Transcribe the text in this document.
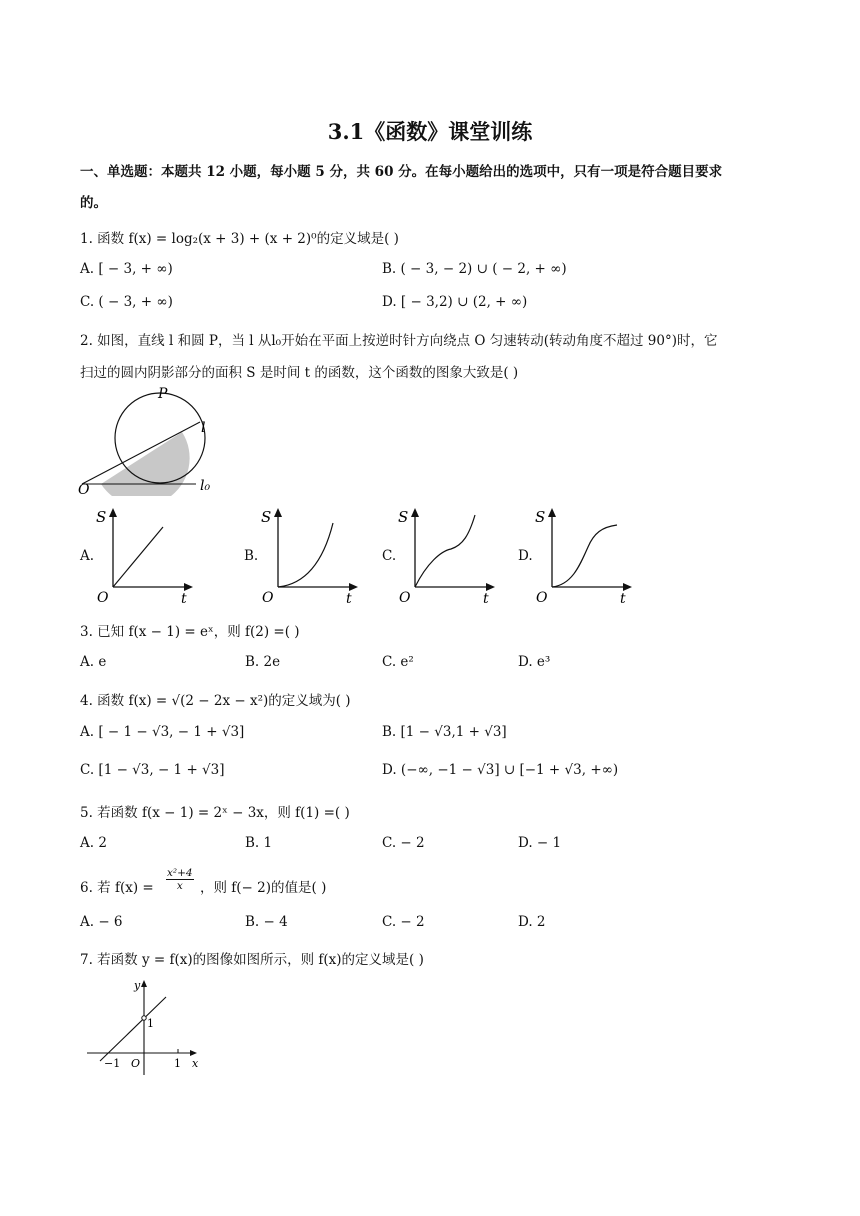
3.1《函数》课堂训练
一、单选题：本题共 12 小题，每小题 5 分，共 60 分。在每小题给出的选项中，只有一项是符合题目要求
的。
1. 函数 f(x) = log₂(x + 3) + (x + 2)⁰的定义域是( )
A. [ − 3, + ∞)	B. ( − 3, − 2) ∪ ( − 2, + ∞)
C. ( − 3, + ∞)	D. [ − 3,2) ∪ (2, + ∞)
2. 如图，直线 l 和圆 P，当 l 从l₀开始在平面上按逆时针方向绕点 O 匀速转动(转动角度不超过 90°)时，它
扫过的圆内阴影部分的面积 S 是时间 t 的函数，这个函数的图象大致是( )
P
l
O	l₀
A.
S
O	t
B.
S
O	t
C.
S
O	t
D.
S
O	t
3. 已知 f(x − 1) = eˣ，则 f(2) =( )
A. e	B. 2e	C. e²	D. e³
4. 函数 f(x) = √(2 − 2x − x²)的定义域为( )
A. [ − 1 − √3, − 1 + √3]	B. [1 − √3,1 + √3]
C. [1 − √3, − 1 + √3]	D. (−∞, −1 − √3] ∪ [−1 + √3, +∞)
5. 若函数 f(x − 1) = 2ˣ − 3x，则 f(1) =( )
A. 2	B. 1	C. − 2	D. − 1
6. 若 $f(x) = \frac{\text{x²+4}}{x}$ ，则 f(− 2)的值是( )
A. − 6	B. − 4	C. − 2	D. 2
7. 若函数 y = f(x)的图像如图所示，则 f(x)的定义域是( )
y
x
O
−1	1
1
